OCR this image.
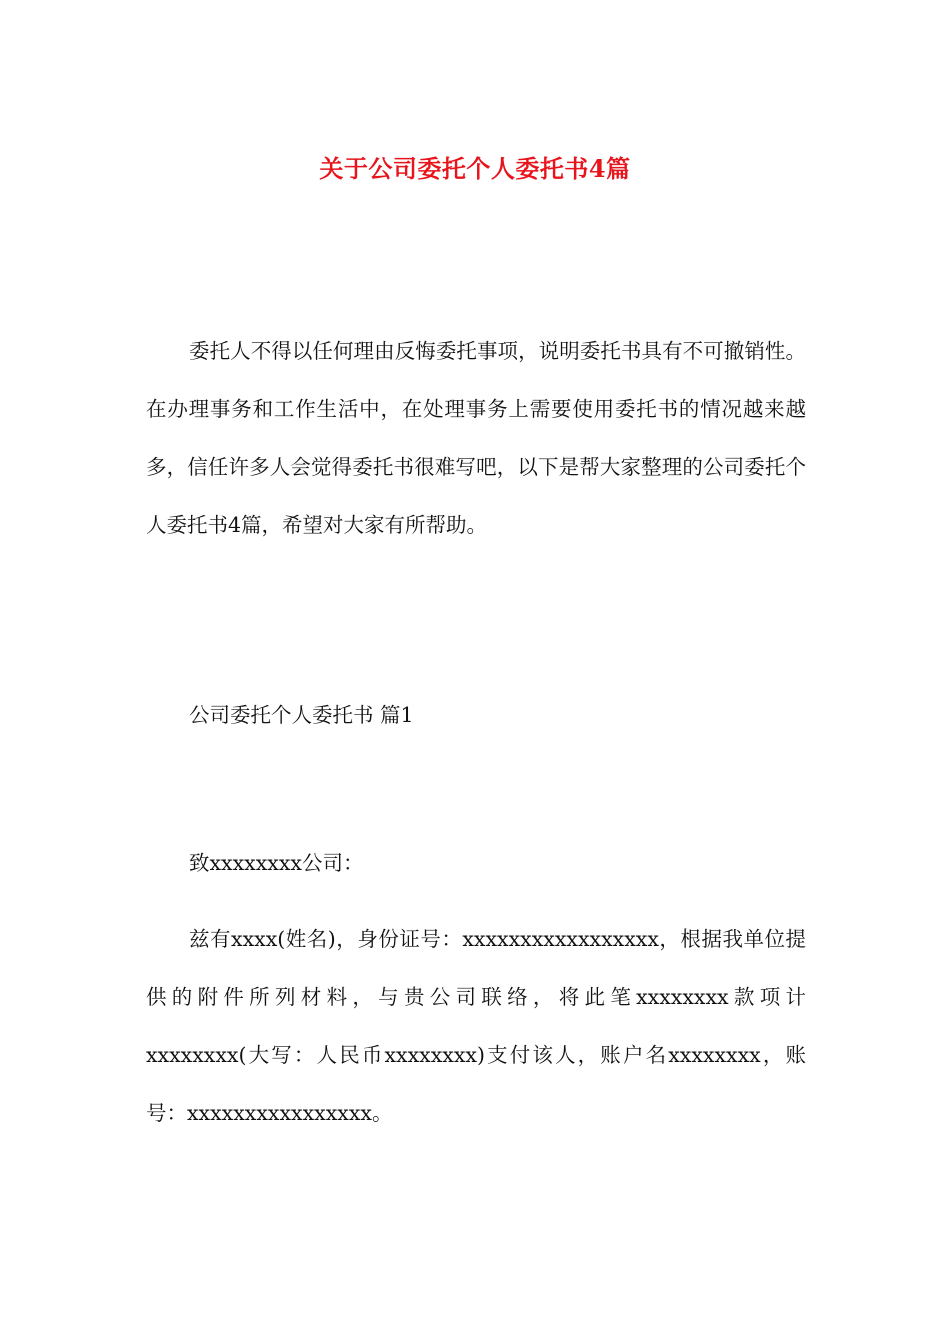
关于公司委托个人委托书4篇

委托人不得以任何理由反悔委托事项，说明委托书具有不可撤销性。在办理事务和工作生活中，在处理事务上需要使用委托书的情况越来越多，信任许多人会觉得委托书很难写吧，以下是帮大家整理的公司委托个人委托书4篇，希望对大家有所帮助。

公司委托个人委托书 篇1

致xxxxxxxx公司：

兹有xxxx(姓名)，身份证号：xxxxxxxxxxxxxxxxx，根据我单位提供的附件所列材料，与贵公司联络，将此笔xxxxxxxx款项计xxxxxxxx(大写：人民币xxxxxxxx)支付该人，账户名xxxxxxxx，账号：xxxxxxxxxxxxxxxx。
